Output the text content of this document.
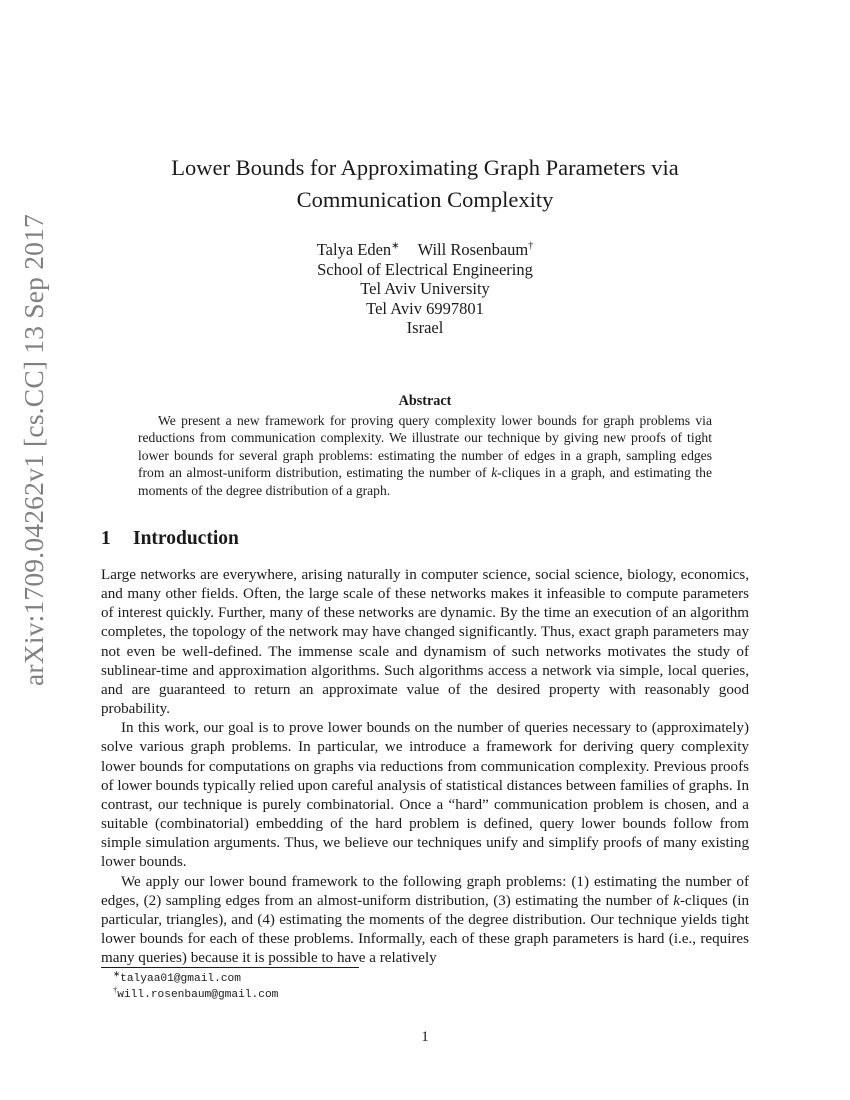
arXiv:1709.04262v1 [cs.CC] 13 Sep 2017
Lower Bounds for Approximating Graph Parameters via
Communication Complexity
Talya Eden∗ Will Rosenbaum†
School of Electrical Engineering
Tel Aviv University
Tel Aviv 6997801
Israel
Abstract
We present a new framework for proving query complexity lower bounds for graph problems via reductions from communication complexity. We illustrate our technique by giving new proofs of tight lower bounds for several graph problems: estimating the number of edges in a graph, sampling edges from an almost-uniform distribution, estimating the number of k-cliques in a graph, and estimating the moments of the degree distribution of a graph.
1 Introduction

Large networks are everywhere, arising naturally in computer science, social science, biology, economics, and many other fields. Often, the large scale of these networks makes it infeasible to compute parameters of interest quickly. Further, many of these networks are dynamic. By the time an execution of an algorithm completes, the topology of the network may have changed significantly. Thus, exact graph parameters may not even be well-defined. The immense scale and dynamism of such networks motivates the study of sublinear-time and approximation algorithms. Such algorithms access a network via simple, local queries, and are guaranteed to return an approximate value of the desired property with reasonably good probability.

In this work, our goal is to prove lower bounds on the number of queries necessary to (approximately) solve various graph problems. In particular, we introduce a framework for deriving query complexity lower bounds for computations on graphs via reductions from communication complexity. Previous proofs of lower bounds typically relied upon careful analysis of statistical distances between families of graphs. In contrast, our technique is purely combinatorial. Once a “hard” communication problem is chosen, and a suitable (combinatorial) embedding of the hard problem is defined, query lower bounds follow from simple simulation arguments. Thus, we believe our techniques unify and simplify proofs of many existing lower bounds.

We apply our lower bound framework to the following graph problems: (1) estimating the number of edges, (2) sampling edges from an almost-uniform distribution, (3) estimating the number of k-cliques (in particular, triangles), and (4) estimating the moments of the degree distribution. Our technique yields tight lower bounds for each of these problems. Informally, each of these graph parameters is hard (i.e., requires many queries) because it is possible to have a relatively

∗talyaa01@gmail.com
†will.rosenbaum@gmail.com
1
